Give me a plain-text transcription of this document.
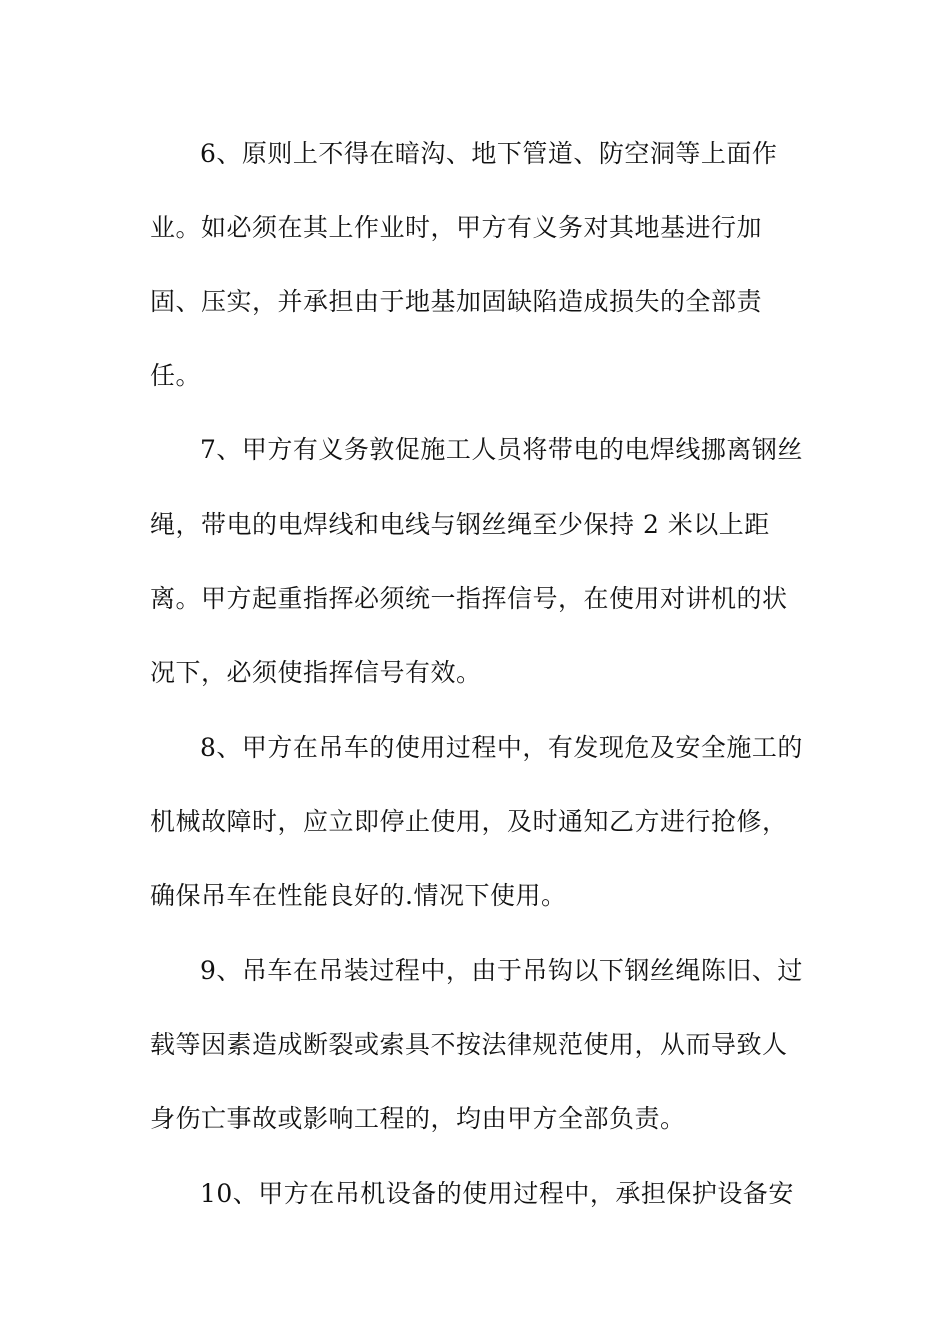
6、原则上不得在暗沟、地下管道、防空洞等上面作
业。如必须在其上作业时，甲方有义务对其地基进行加
固、压实，并承担由于地基加固缺陷造成损失的全部责
任。
7、甲方有义务敦促施工人员将带电的电焊线挪离钢丝
绳，带电的电焊线和电线与钢丝绳至少保持 2 米以上距
离。甲方起重指挥必须统一指挥信号，在使用对讲机的状
况下，必须使指挥信号有效。
8、甲方在吊车的使用过程中，有发现危及安全施工的
机械故障时，应立即停止使用，及时通知乙方进行抢修，
确保吊车在性能良好的.情况下使用。
9、吊车在吊装过程中，由于吊钩以下钢丝绳陈旧、过
载等因素造成断裂或索具不按法律规范使用，从而导致人
身伤亡事故或影响工程的，均由甲方全部负责。
10、甲方在吊机设备的使用过程中，承担保护设备安
